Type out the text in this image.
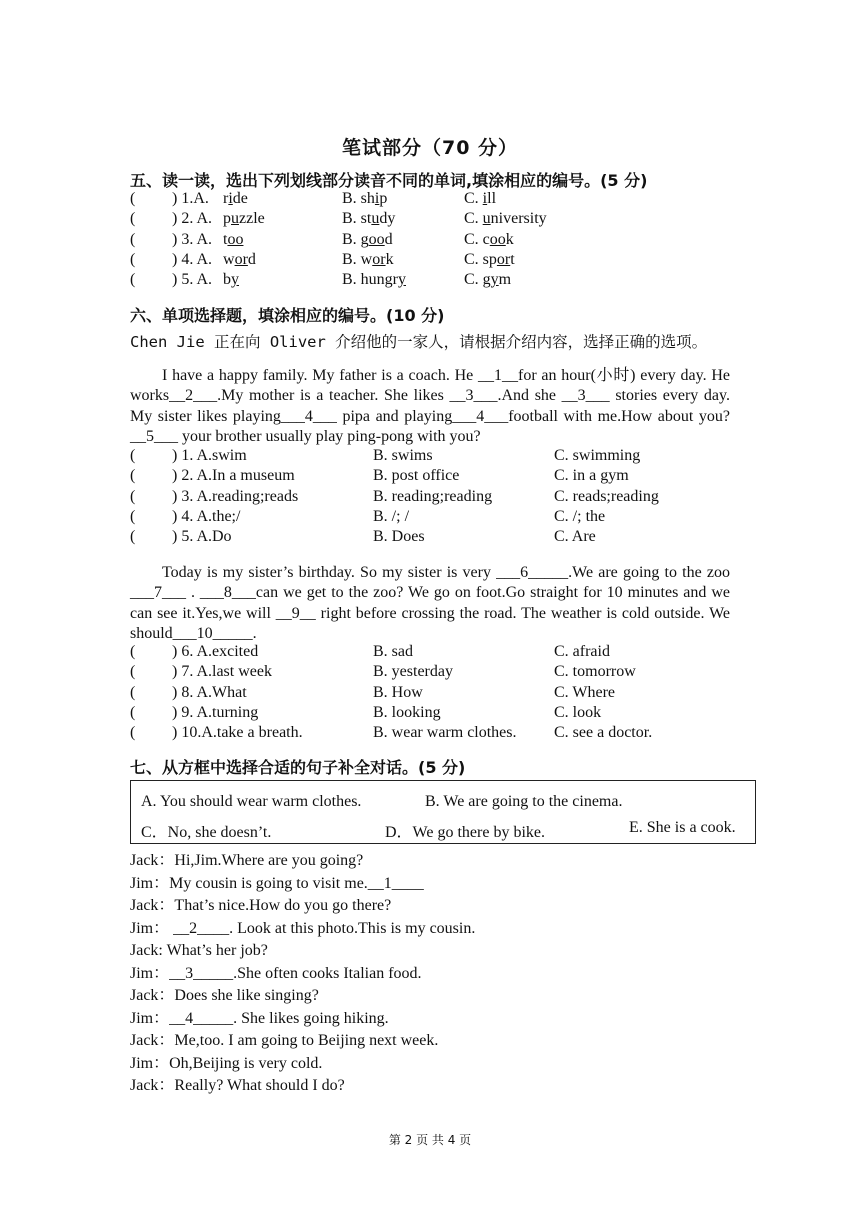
笔试部分（70 分）
五、读一读，选出下列划线部分读音不同的单词,填涂相应的编号。(5 分)
( ) 1.A. ride	B. ship	C. ill
( ) 2. A. puzzle	B. study	C. university
( ) 3. A. too	B. good	C. cook
( ) 4. A. word	B. work	C. sport
( ) 5. A. by	B. hungry	C. gym
六、单项选择题，填涂相应的编号。(10 分)
Chen Jie 正在向 Oliver 介绍他的一家人，请根据介绍内容，选择正确的选项。
I have a happy family. My father is a coach. He __1__for an hour(小时) every day. He works__2___.My mother is a teacher. She likes __3___.And she __3___ stories every day. My sister likes playing___4___ pipa and playing___4___football with me.How about you? __5___ your brother usually play ping-pong with you?
( ) 1. A.swim	B. swims	C. swimming
( ) 2. A.In a museum	B. post office	C. in a gym
( ) 3. A.reading;reads	B. reading;reading	C. reads;reading
( ) 4. A.the;/	B. /; /	C. /; the
( ) 5. A.Do	B. Does	C. Are
Today is my sister’s birthday. So my sister is very ___6_____.We are going to the zoo ___7___ . ___8___can we get to the zoo? We go on foot.Go straight for 10 minutes and we can see it.Yes,we will __9__ right before crossing the road. The weather is cold outside. We should___10_____.
( ) 6. A.excited	B. sad	C. afraid
( ) 7. A.last week	B. yesterday	C. tomorrow
( ) 8. A.What	B. How	C. Where
( ) 9. A.turning	B. looking	C. look
( ) 10.A.take a breath.	B. wear warm clothes. C. see a doctor.
七、从方框中选择合适的句子补全对话。(5 分)
A. You should wear warm clothes.	B. We are going to the cinema.
C．No, she doesn’t.	D．We go there by bike.	E. She is a cook.
Jack：Hi,Jim.Where are you going?
Jim：My cousin is going to visit me.__1____
Jack：That’s nice.How do you go there?
Jim： __2____. Look at this photo.This is my cousin.
Jack: What’s her job?
Jim：__3_____.She often cooks Italian food.
Jack：Does she like singing?
Jim：__4_____. She likes going hiking.
Jack：Me,too. I am going to Beijing next week.
Jim：Oh,Beijing is very cold.
Jack：Really? What should I do?
第 2 页 共 4 页
